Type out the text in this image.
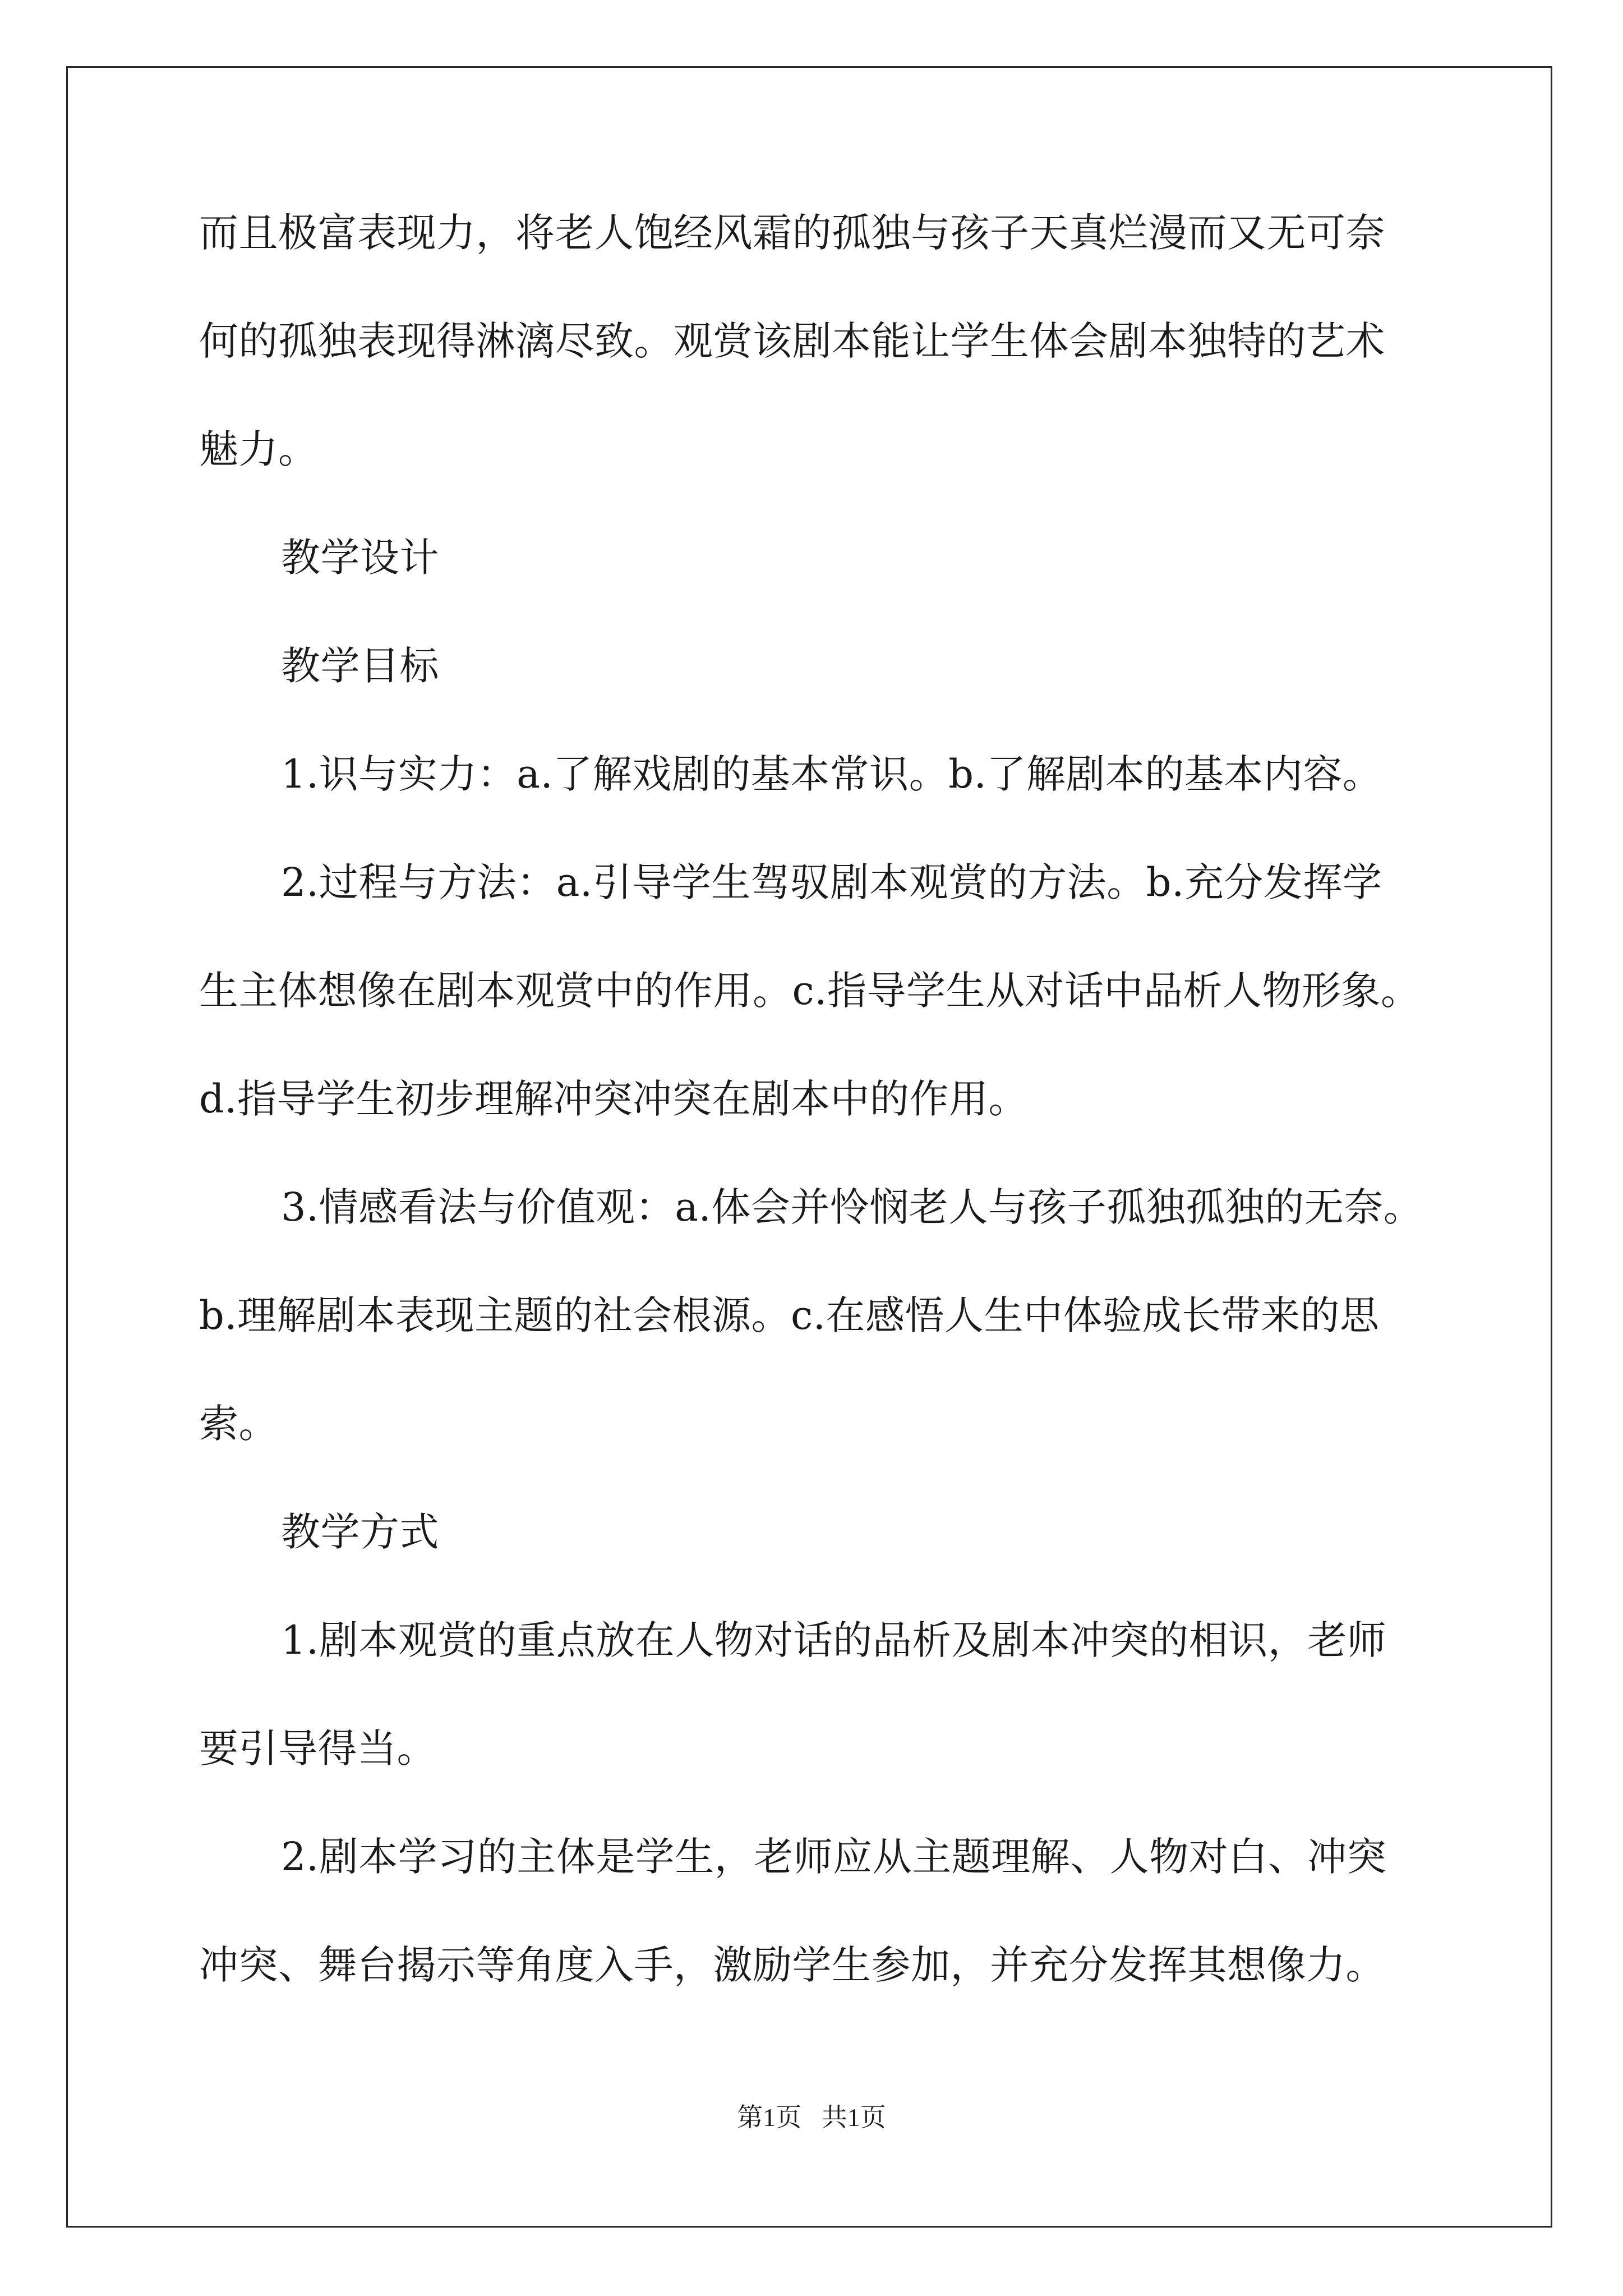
而且极富表现力，将老人饱经风霜的孤独与孩子天真烂漫而又无可奈
何的孤独表现得淋漓尽致。观赏该剧本能让学生体会剧本独特的艺术
魅力。
教学设计
教学目标
1.识与实力：a.了解戏剧的基本常识。b.了解剧本的基本内容。
2.过程与方法：a.引导学生驾驭剧本观赏的方法。b.充分发挥学
生主体想像在剧本观赏中的作用。c.指导学生从对话中品析人物形象。
d.指导学生初步理解冲突冲突在剧本中的作用。
3.情感看法与价值观：a.体会并怜悯老人与孩子孤独孤独的无奈。
b.理解剧本表现主题的社会根源。c.在感悟人生中体验成长带来的思
索。
教学方式
1.剧本观赏的重点放在人物对话的品析及剧本冲突的相识，老师
要引导得当。
2.剧本学习的主体是学生，老师应从主题理解、人物对白、冲突
冲突、舞台揭示等角度入手，激励学生参加，并充分发挥其想像力。
第1页 共1页
